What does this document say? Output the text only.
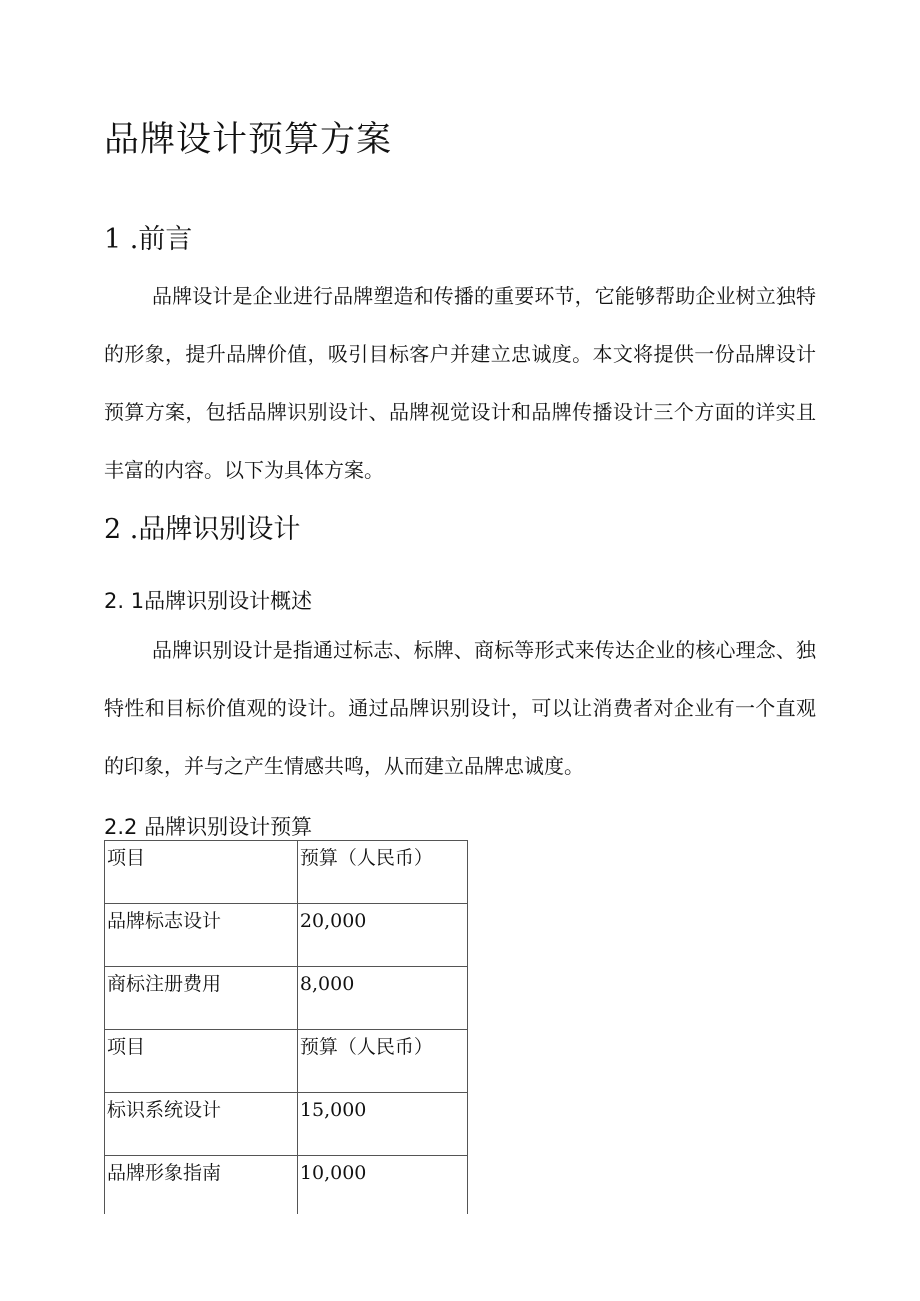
品牌设计预算方案
1 .前言

品牌设计是企业进行品牌塑造和传播的重要环节，它能够帮助企业树立独特的形象，提升品牌价值，吸引目标客户并建立忠诚度。本文将提供一份品牌设计预算方案，包括品牌识别设计、品牌视觉设计和品牌传播设计三个方面的详实且丰富的内容。以下为具体方案。

2 .品牌识别设计
2. 1品牌识别设计概述

品牌识别设计是指通过标志、标牌、商标等形式来传达企业的核心理念、独特性和目标价值观的设计。通过品牌识别设计，可以让消费者对企业有一个直观的印象，并与之产生情感共鸣，从而建立品牌忠诚度。

2.2 品牌识别设计预算
项目	预算（人民币）
品牌标志设计	20,000
商标注册费用	8,000
项目	预算（人民币）
标识系统设计	15,000
品牌形象指南	10,000
